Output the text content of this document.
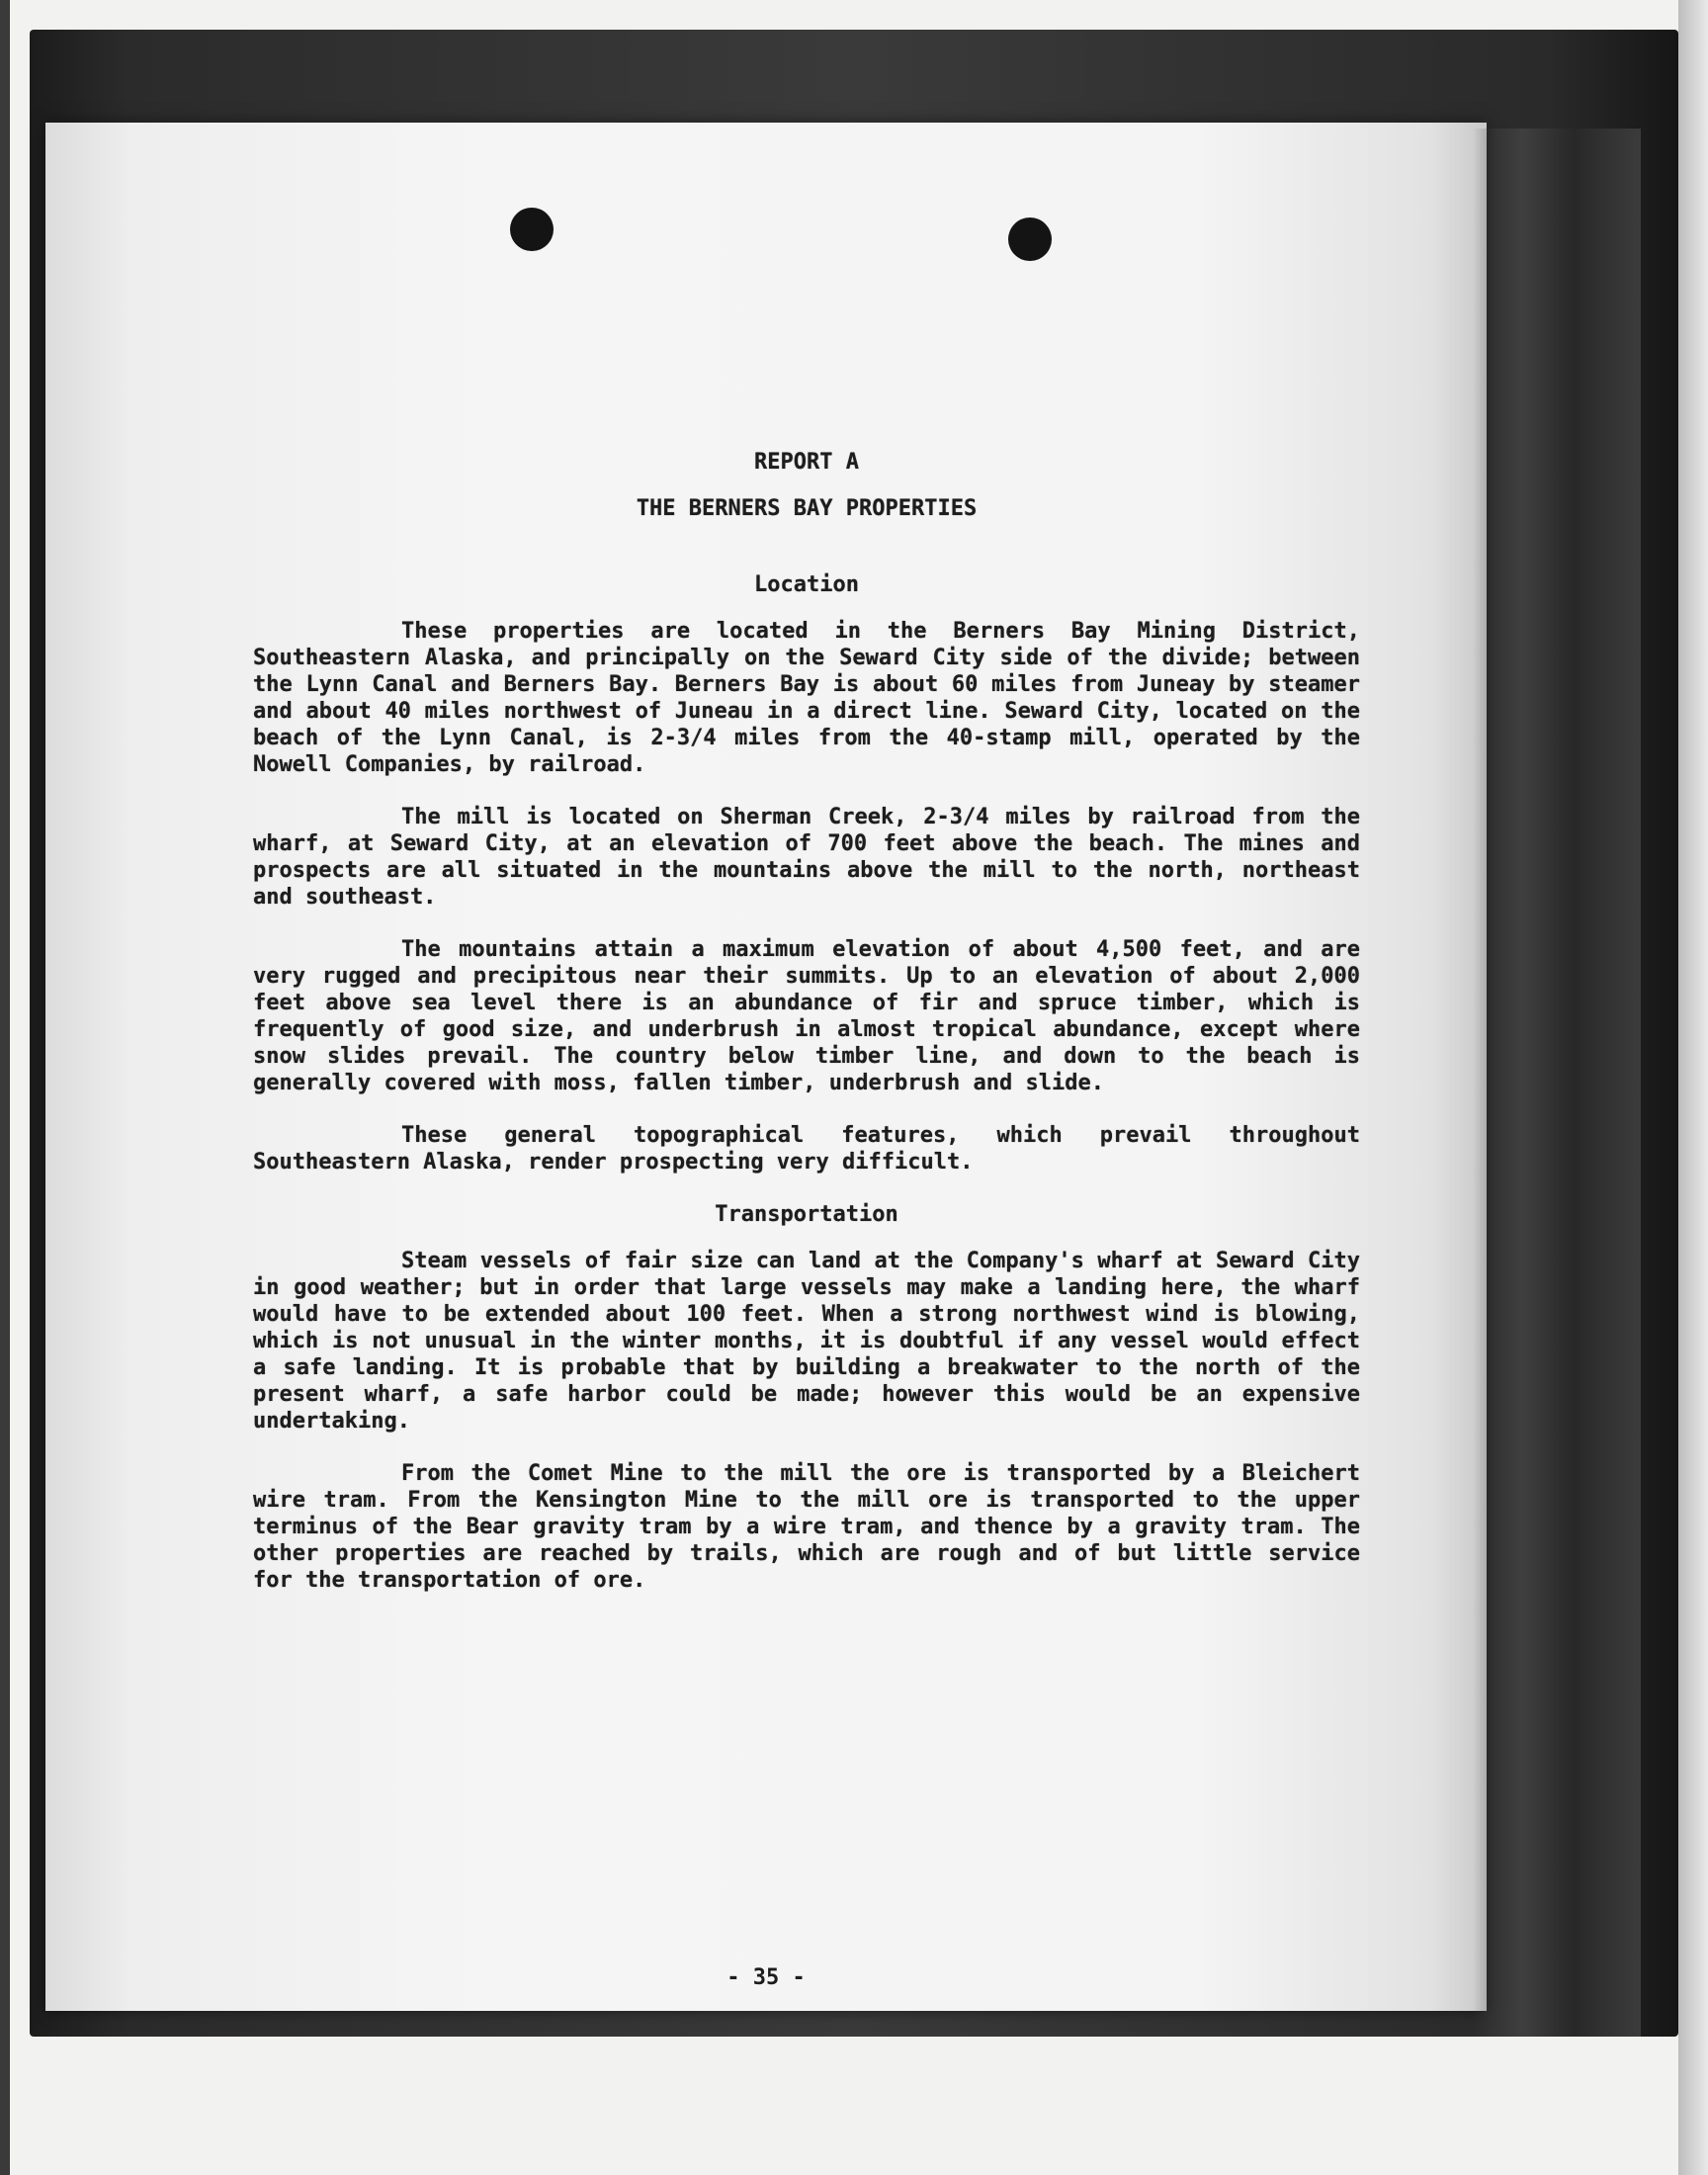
REPORT A

THE BERNERS BAY PROPERTIES

Location

These properties are located in the Berners Bay Mining District, Southeastern Alaska, and principally on the Seward City side of the divide; between the Lynn Canal and Berners Bay. Berners Bay is about 60 miles from Juneay by steamer and about 40 miles northwest of Juneau in a direct line. Seward City, located on the beach of the Lynn Canal, is 2-3/4 miles from the 40-stamp mill, operated by the Nowell Companies, by railroad.

The mill is located on Sherman Creek, 2-3/4 miles by railroad from the wharf, at Seward City, at an elevation of 700 feet above the beach. The mines and prospects are all situated in the mountains above the mill to the north, northeast and southeast.

The mountains attain a maximum elevation of about 4,500 feet, and are very rugged and precipitous near their summits. Up to an elevation of about 2,000 feet above sea level there is an abundance of fir and spruce timber, which is frequently of good size, and underbrush in almost tropical abundance, except where snow slides prevail. The country below timber line, and down to the beach is generally covered with moss, fallen timber, underbrush and slide.

These general topographical features, which prevail throughout Southeastern Alaska, render prospecting very difficult.

Transportation

Steam vessels of fair size can land at the Company's wharf at Seward City in good weather; but in order that large vessels may make a landing here, the wharf would have to be extended about 100 feet. When a strong northwest wind is blowing, which is not unusual in the winter months, it is doubtful if any vessel would effect a safe landing. It is probable that by building a breakwater to the north of the present wharf, a safe harbor could be made; however this would be an expensive undertaking.

From the Comet Mine to the mill the ore is transported by a Bleichert wire tram. From the Kensington Mine to the mill ore is transported to the upper terminus of the Bear gravity tram by a wire tram, and thence by a gravity tram. The other properties are reached by trails, which are rough and of but little service for the transportation of ore.

- 35 -
